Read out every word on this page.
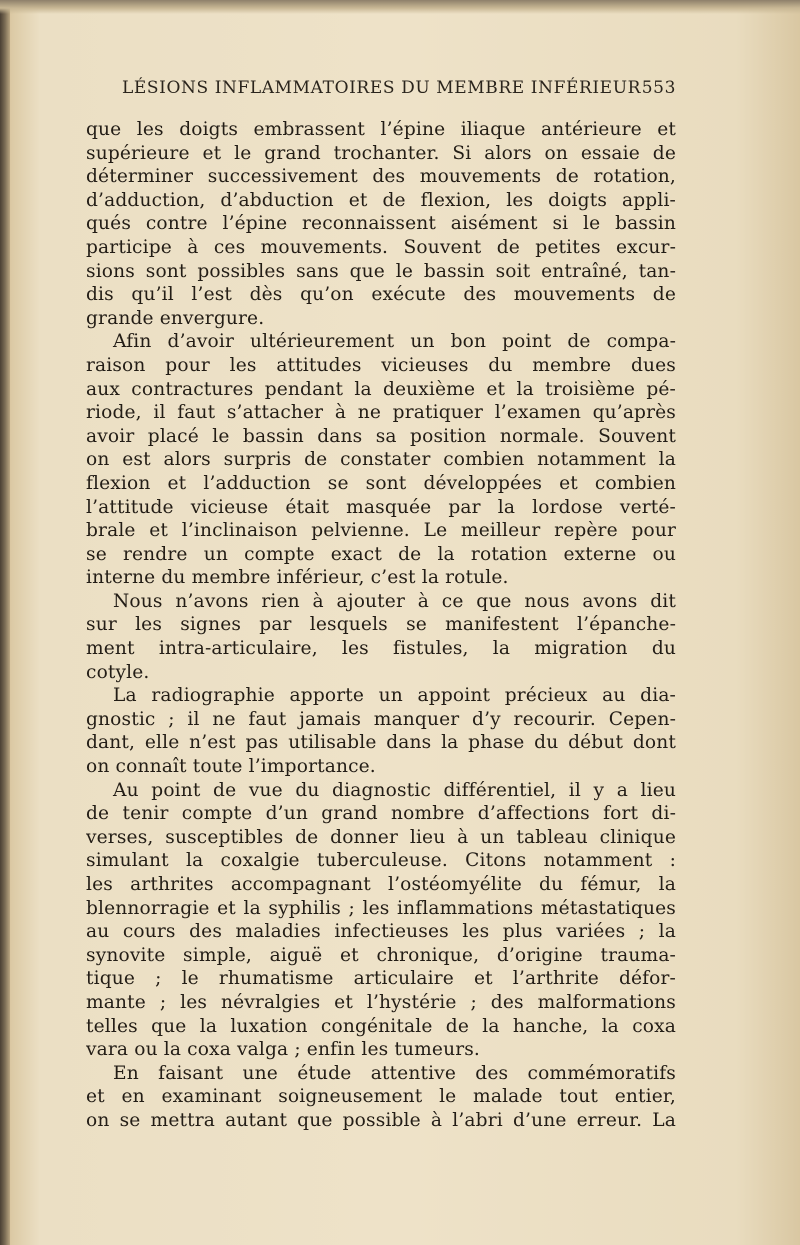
LÉSIONS INFLAMMATOIRES DU MEMBRE INFÉRIEUR 553
que les doigts embrassent l’épine iliaque antérieure et
supérieure et le grand trochanter. Si alors on essaie de
déterminer successivement des mouvements de rotation,
d’adduction, d’abduction et de flexion, les doigts appli-
qués contre l’épine reconnaissent aisément si le bassin
participe à ces mouvements. Souvent de petites excur-
sions sont possibles sans que le bassin soit entraîné, tan-
dis qu’il l’est dès qu’on exécute des mouvements de
grande envergure.
Afin d’avoir ultérieurement un bon point de compa-
raison pour les attitudes vicieuses du membre dues
aux contractures pendant la deuxième et la troisième pé-
riode, il faut s’attacher à ne pratiquer l’examen qu’après
avoir placé le bassin dans sa position normale. Souvent
on est alors surpris de constater combien notamment la
flexion et l’adduction se sont développées et combien
l’attitude vicieuse était masquée par la lordose verté-
brale et l’inclinaison pelvienne. Le meilleur repère pour
se rendre un compte exact de la rotation externe ou
interne du membre inférieur, c’est la rotule.
Nous n’avons rien à ajouter à ce que nous avons dit
sur les signes par lesquels se manifestent l’épanche-
ment intra-articulaire, les fistules, la migration du
cotyle.
La radiographie apporte un appoint précieux au dia-
gnostic ; il ne faut jamais manquer d’y recourir. Cepen-
dant, elle n’est pas utilisable dans la phase du début dont
on connaît toute l’importance.
Au point de vue du diagnostic différentiel, il y a lieu
de tenir compte d’un grand nombre d’affections fort di-
verses, susceptibles de donner lieu à un tableau clinique
simulant la coxalgie tuberculeuse. Citons notamment :
les arthrites accompagnant l’ostéomyélite du fémur, la
blennorragie et la syphilis ; les inflammations métastatiques
au cours des maladies infectieuses les plus variées ; la
synovite simple, aiguë et chronique, d’origine trauma-
tique ; le rhumatisme articulaire et l’arthrite défor-
mante ; les névralgies et l’hystérie ; des malformations
telles que la luxation congénitale de la hanche, la coxa
vara ou la coxa valga ; enfin les tumeurs.
En faisant une étude attentive des commémoratifs
et en examinant soigneusement le malade tout entier,
on se mettra autant que possible à l’abri d’une erreur. La
